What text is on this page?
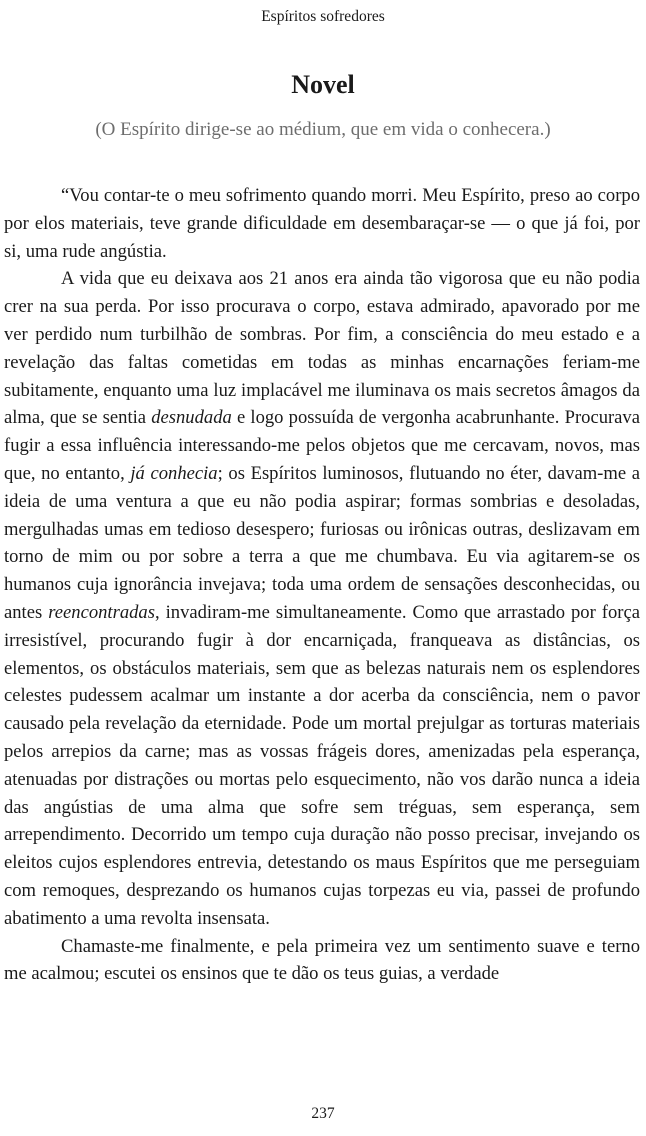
Espíritos sofredores
Novel
(O Espírito dirige-se ao médium, que em vida o conhecera.)

“Vou contar-te o meu sofrimento quando morri. Meu Espírito, preso ao corpo por elos materiais, teve grande dificuldade em desembaraçar-se — o que já foi, por si, uma rude angústia.

A vida que eu deixava aos 21 anos era ainda tão vigorosa que eu não podia crer na sua perda. Por isso procurava o corpo, estava admirado, apavorado por me ver perdido num turbilhão de sombras. Por fim, a consciência do meu estado e a revelação das faltas cometidas em todas as minhas encarnações feriam-me subitamente, enquanto uma luz implacável me iluminava os mais secretos âmagos da alma, que se sentia desnudada e logo possuída de vergonha acabrunhante. Procurava fugir a essa influência interessando-me pelos objetos que me cercavam, novos, mas que, no entanto, já conhecia; os Espíritos luminosos, flutuando no éter, davam-me a ideia de uma ventura a que eu não podia aspirar; formas sombrias e desoladas, mergulhadas umas em tedioso desespero; furiosas ou irônicas outras, deslizavam em torno de mim ou por sobre a terra a que me chumbava. Eu via agitarem-se os humanos cuja ignorância invejava; toda uma ordem de sensações desconhecidas, ou antes reencontradas, invadiram-me simultaneamente. Como que arrastado por força irresistível, procurando fugir à dor encarniçada, franqueava as distâncias, os elementos, os obstáculos materiais, sem que as belezas naturais nem os esplendores celestes pudessem acalmar um instante a dor acerba da consciência, nem o pavor causado pela revelação da eternidade. Pode um mortal prejulgar as torturas materiais pelos arrepios da carne; mas as vossas frágeis dores, amenizadas pela esperança, atenuadas por distrações ou mortas pelo esquecimento, não vos darão nunca a ideia das angústias de uma alma que sofre sem tréguas, sem esperança, sem arrependimento. Decorrido um tempo cuja duração não posso precisar, invejando os eleitos cujos esplendores entrevia, detestando os maus Espíritos que me perseguiam com remoques, desprezando os humanos cujas torpezas eu via, passei de profundo abatimento a uma revolta insensata.

Chamaste-me finalmente, e pela primeira vez um sentimento suave e terno me acalmou; escutei os ensinos que te dão os teus guias, a verdade

237
